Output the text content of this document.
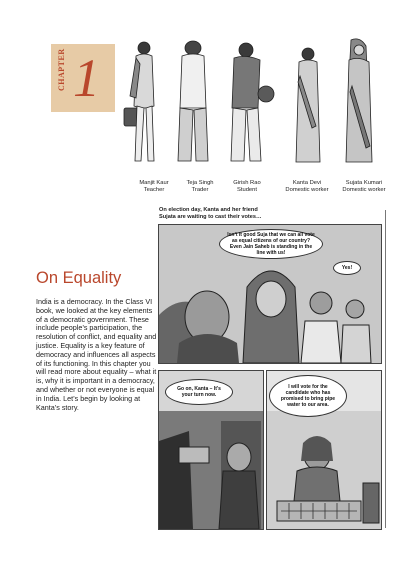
CHAPTER 1
Manjit Kaur
Teacher
Teja Singh
Trader
Girish Rao
Student
Kanta Devi
Domestic worker
Sujata Kumari
Domestic worker
On Equality

India is a democracy. In the Class VI book, we looked at the key elements of a democratic government. These include people’s participation, the resolution of conflict, and equality and justice. Equality is a key feature of democracy and influences all aspects of its functioning. In this chapter you will read more about equality – what it is, why it is important in a democracy, and whether or not everyone is equal in India. Let’s begin by looking at Kanta’s story.

On election day, Kanta and her friend
Sujata are waiting to cast their votes…
Isn’t it good Suja that we can all vote as equal citizens of our country? Even Jain Saheb is standing in the line with us!
Yes!
Go on, Kanta – It’s your turn now.
I will vote for the candidate who has promised to bring pipe water to our area.
